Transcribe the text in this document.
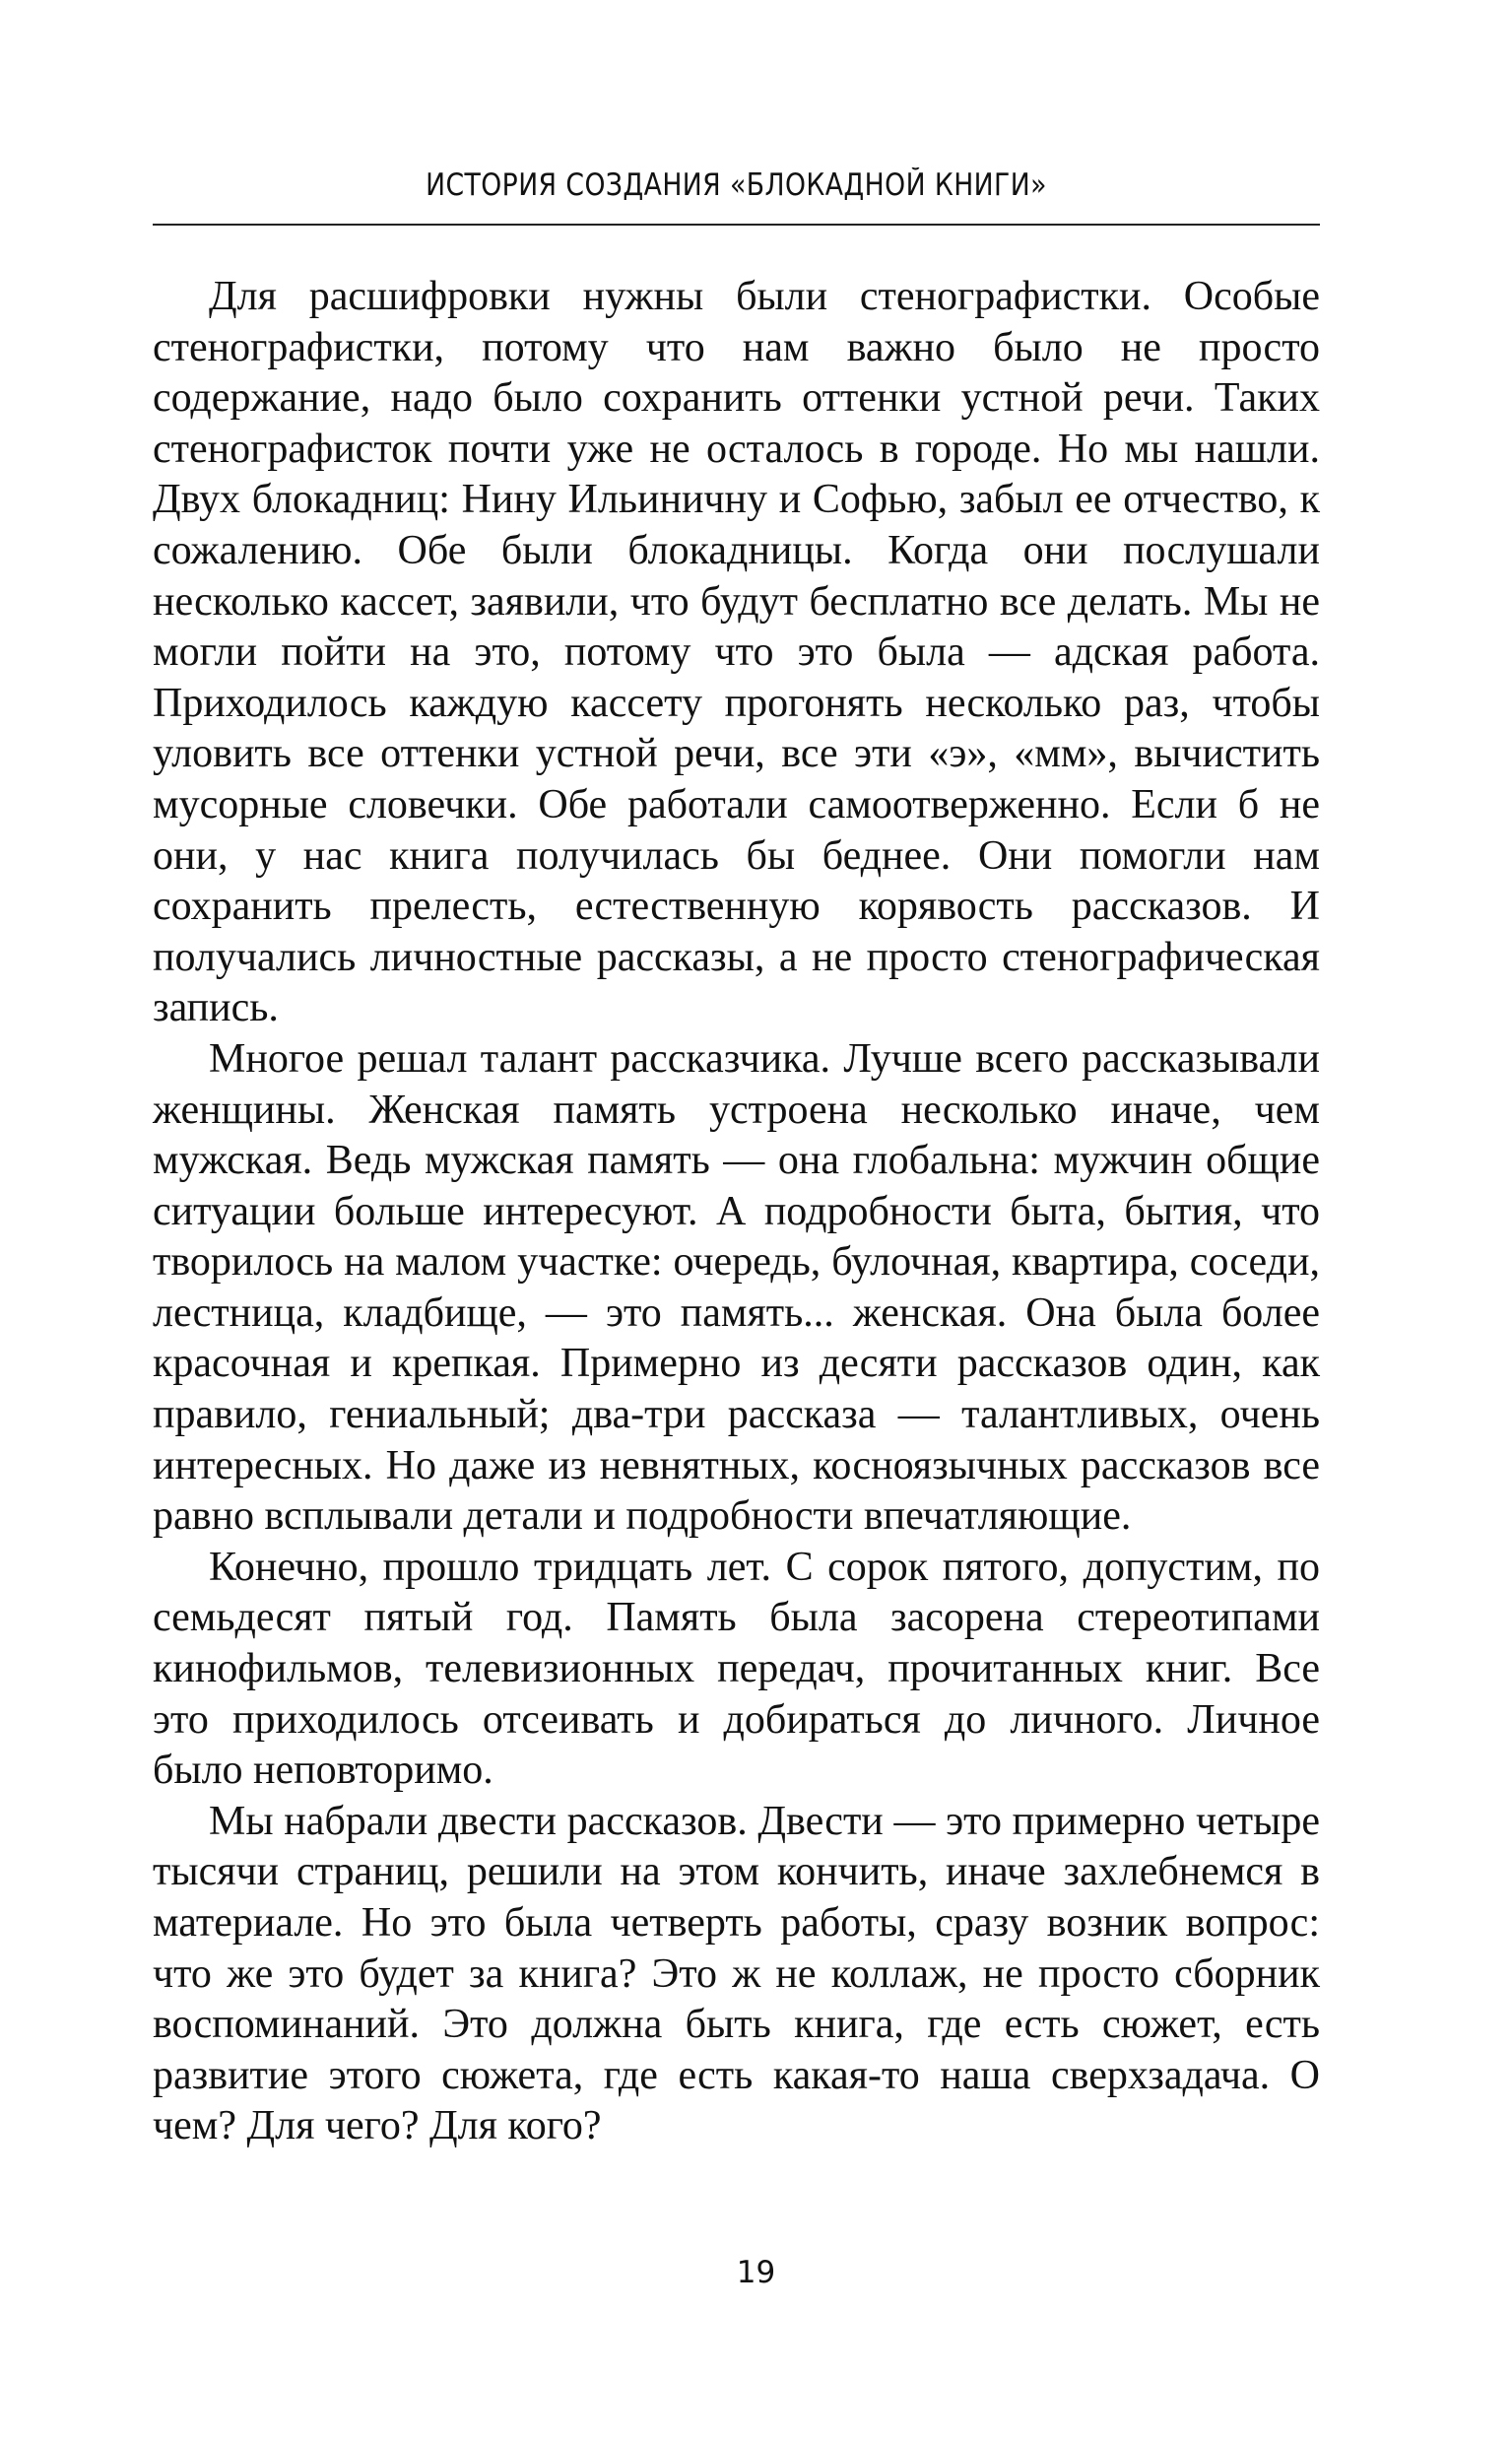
ИСТОРИЯ СОЗДАНИЯ «БЛОКАДНОЙ КНИГИ»

Для расшифровки нужны были стенографистки. Особые стенографистки, потому что нам важно было не просто содержание, надо было сохранить оттенки устной речи. Таких стенографисток почти уже не осталось в городе. Но мы нашли. Двух блокадниц: Нину Ильиничну и Софью, забыл ее отчество, к сожалению. Обе были блокадницы. Когда они послушали несколько кассет, заявили, что будут бесплатно все делать. Мы не могли пойти на это, потому что это была — адская работа. Приходилось каждую кассету прогонять несколько раз, чтобы уловить все оттенки устной речи, все эти «э», «мм», вычистить мусорные словечки. Обе работали самоотверженно. Если б не они, у нас книга получилась бы беднее. Они помогли нам сохранить прелесть, естественную корявость рассказов. И получались личностные рассказы, а не просто стенографическая запись.

Многое решал талант рассказчика. Лучше всего рассказывали женщины. Женская память устроена несколько иначе, чем мужская. Ведь мужская память — она глобальна: мужчин общие ситуации больше интересуют. А подробности быта, бытия, что творилось на малом участке: очередь, булочная, квартира, соседи, лестница, кладбище, — это память... женская. Она была более красочная и крепкая. Примерно из десяти рассказов один, как правило, гениальный; два-три рассказа — талантливых, очень интересных. Но даже из невнятных, косноязычных рассказов все равно всплывали детали и подробности впечатляющие.

Конечно, прошло тридцать лет. С сорок пятого, допустим, по семьдесят пятый год. Память была засорена стереотипами кинофильмов, телевизионных передач, прочитанных книг. Все это приходилось отсеивать и добираться до личного. Личное было неповторимо.

Мы набрали двести рассказов. Двести — это примерно четыре тысячи страниц, решили на этом кончить, иначе захлебнемся в материале. Но это была четверть работы, сразу возник вопрос: что же это будет за книга? Это ж не коллаж, не просто сборник воспоминаний. Это должна быть книга, где есть сюжет, есть развитие этого сюжета, где есть какая-то наша сверхзадача. О чем? Для чего? Для кого?

19
